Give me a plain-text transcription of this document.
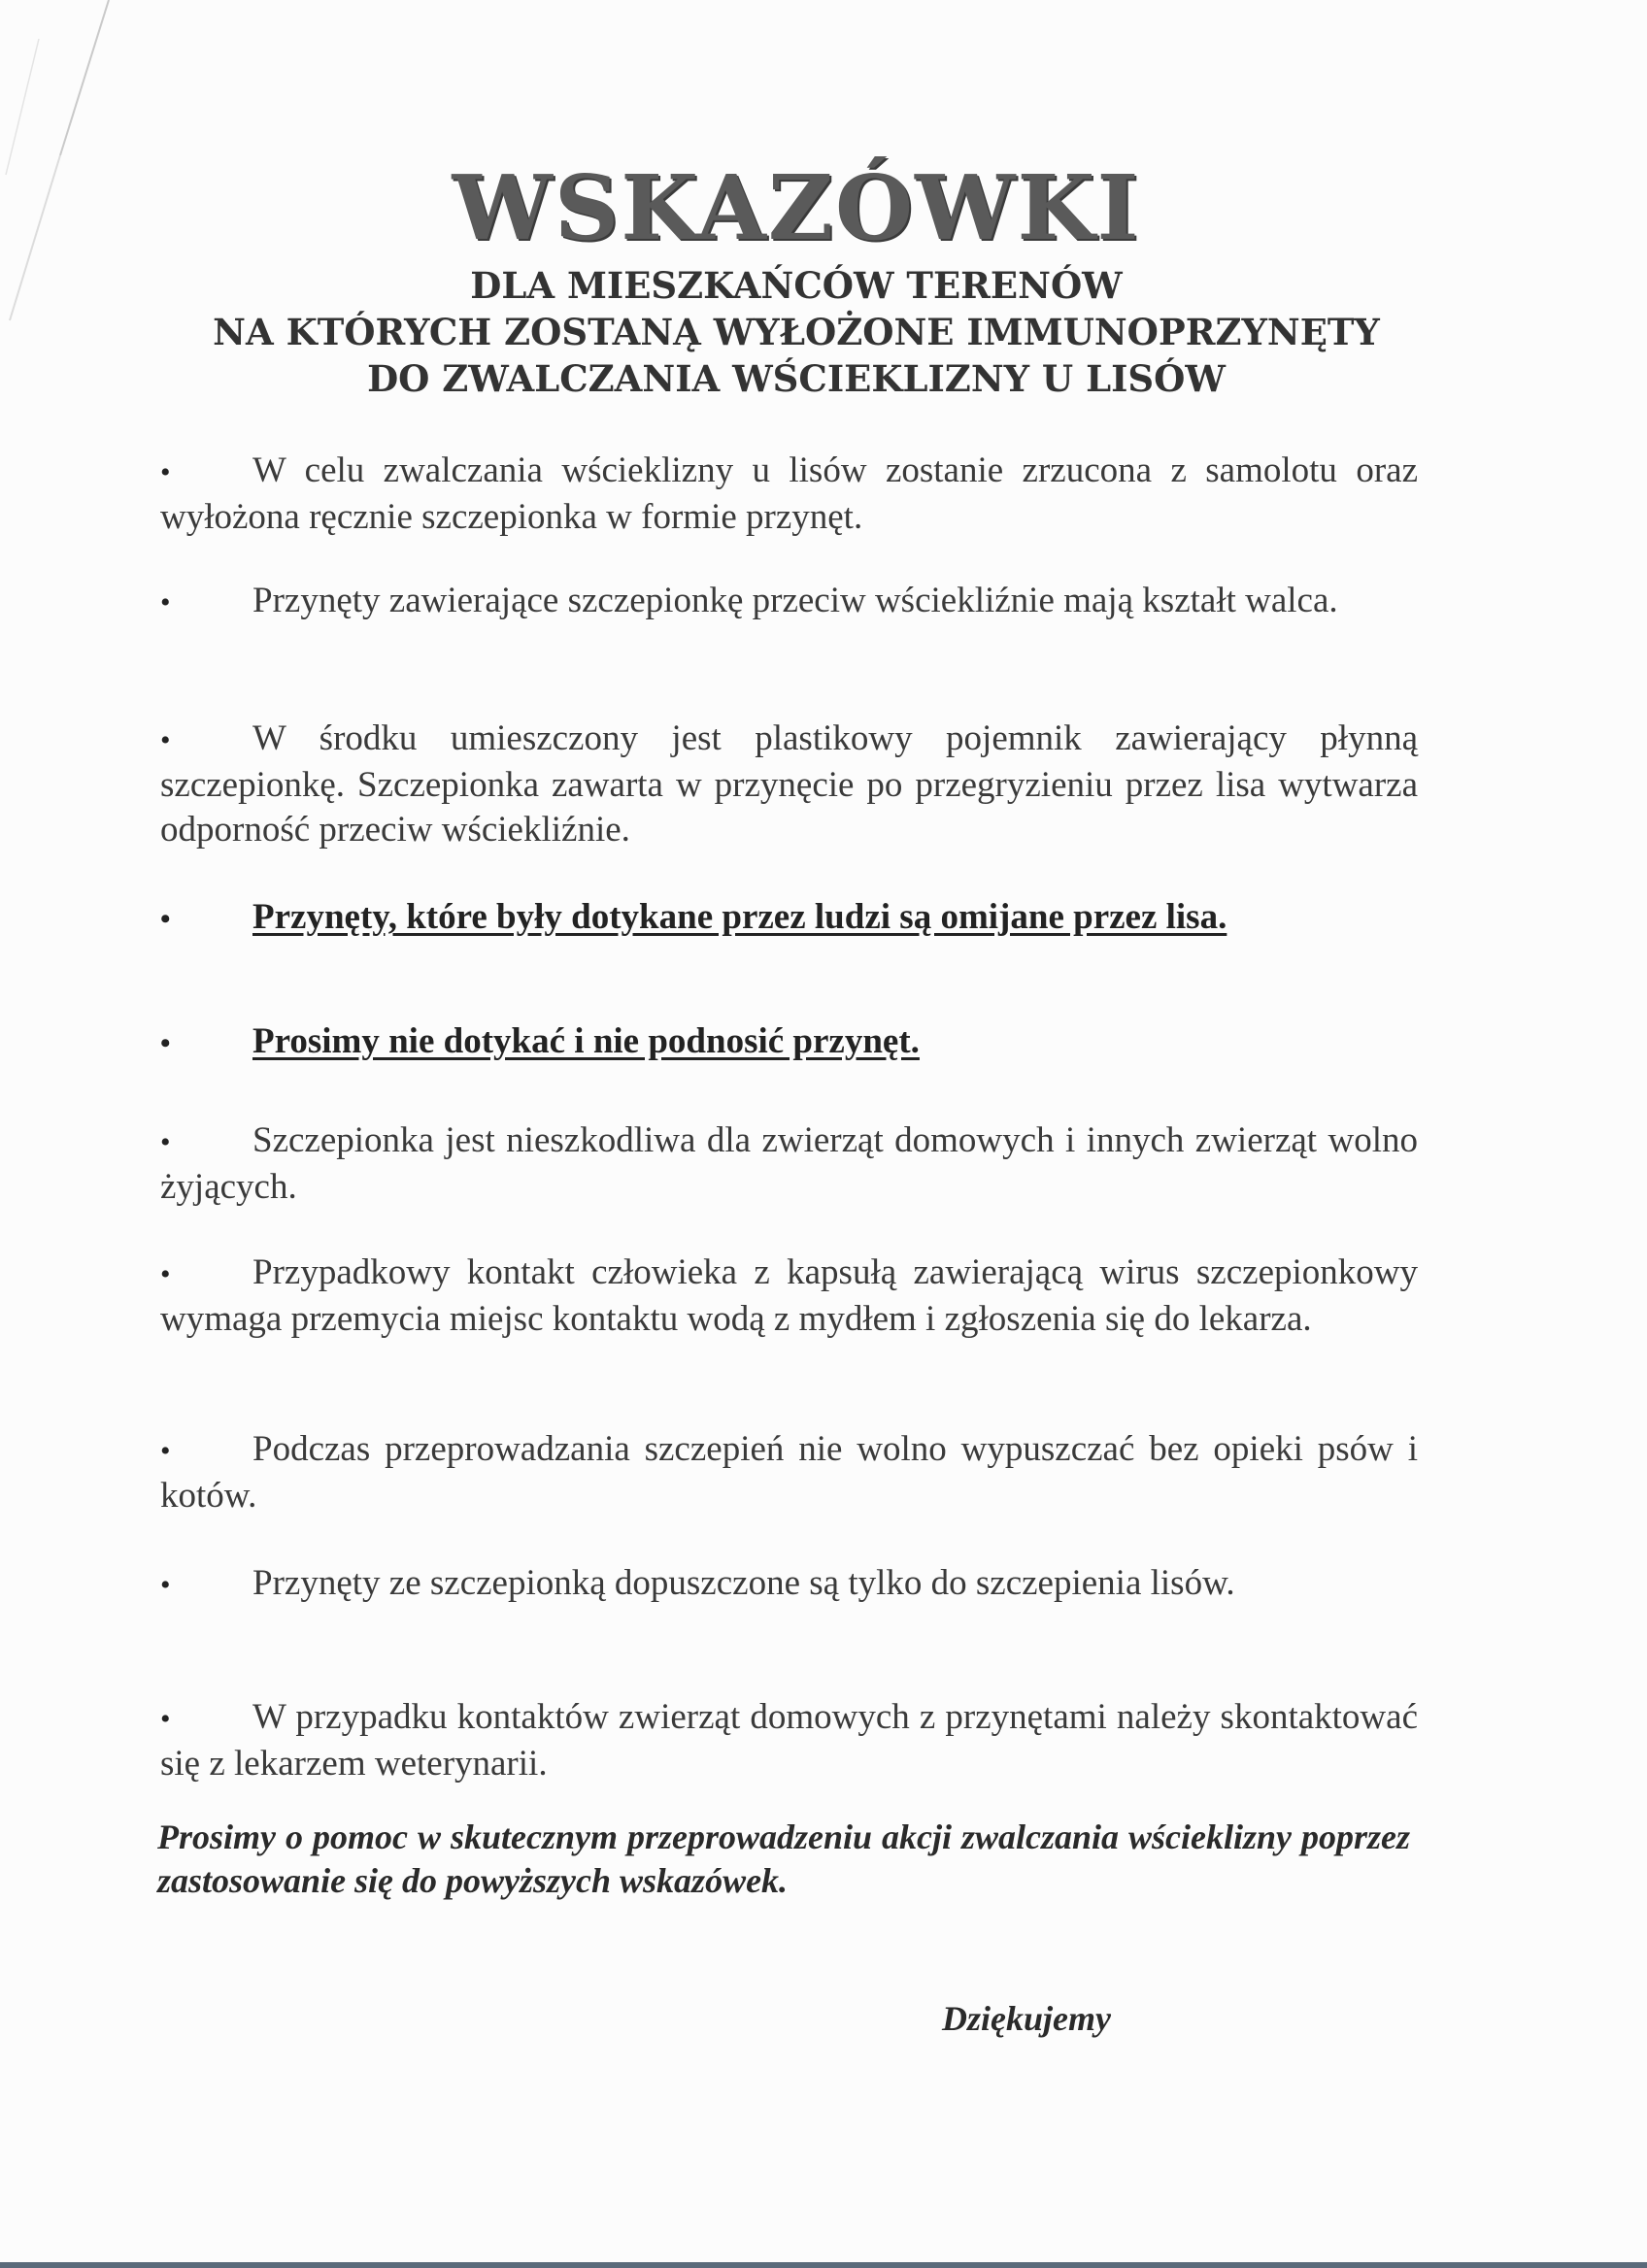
WSKAZÓWKI
DLA MIESZKAŃCÓW TERENÓW
NA KTÓRYCH ZOSTANĄ WYŁOŻONE IMMUNOPRZYNĘTY
DO ZWALCZANIA WŚCIEKLIZNY U LISÓW
• W celu zwalczania wścieklizny u lisów zostanie zrzucona z samolotu oraz wyłożona ręcznie szczepionka w formie przynęt.
• Przynęty zawierające szczepionkę przeciw wściekliźnie mają kształt walca.
• W środku umieszczony jest plastikowy pojemnik zawierający płynną szczepionkę. Szczepionka zawarta w przynęcie po przegryzieniu przez lisa wytwarza odporność przeciw wściekliźnie.
• Przynęty, które były dotykane przez ludzi są omijane przez lisa.
• Prosimy nie dotykać i nie podnosić przynęt.
• Szczepionka jest nieszkodliwa dla zwierząt domowych i innych zwierząt wolno żyjących.
• Przypadkowy kontakt człowieka z kapsułą zawierającą wirus szczepionkowy wymaga przemycia miejsc kontaktu wodą z mydłem i zgłoszenia się do lekarza.
• Podczas przeprowadzania szczepień nie wolno wypuszczać bez opieki psów i kotów.
• Przynęty ze szczepionką dopuszczone są tylko do szczepienia lisów.
• W przypadku kontaktów zwierząt domowych z przynętami należy skontaktować się z lekarzem weterynarii.
Prosimy o pomoc w skutecznym przeprowadzeniu akcji zwalczania wścieklizny poprzez zastosowanie się do powyższych wskazówek.
Dziękujemy
